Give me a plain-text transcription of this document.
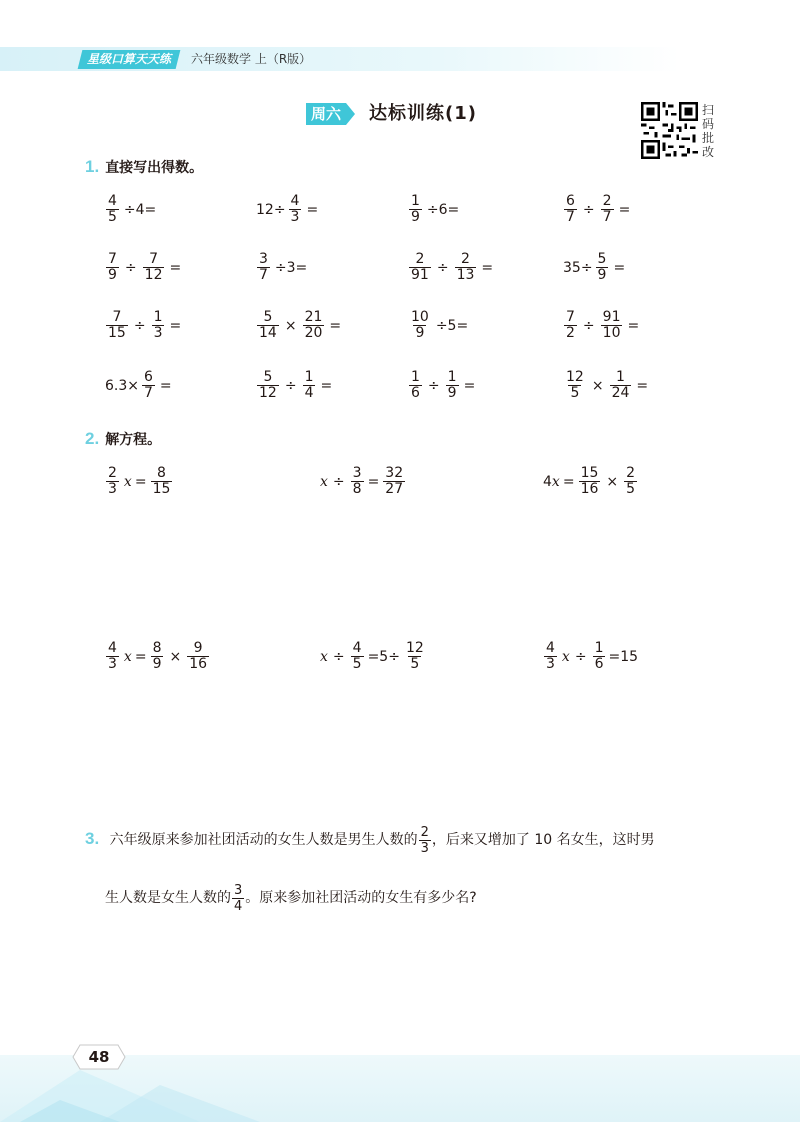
星级口算天天练	六年级数学 上（R版）
周六 达标训练(1)	扫码批改
1. 直接写出得数。
$\frac{4}{5} \div 4=$	$12\div \frac{4}{3}$ =	$\frac{1}{9} \div 6=$	$\frac{6}{7} \div \frac{2}{7}$ =
$\frac{7}{9} \div \frac{7}{12}$ =	$\frac{3}{7} \div 3=$	$\frac{2}{91} \div \frac{2}{13}$ =	$35\div \frac{5}{9}$ =
$\frac{7}{15} \div \frac{1}{3}$ =	$\frac{5}{14} \times \frac{21}{20}$ =	$\frac{10}{9} \div 5=$	$\frac{7}{2} \div \frac{91}{10}$ =
$6.3\times \frac{6}{7}$ =	$\frac{5}{12} \div \frac{1}{4}$ =	$\frac{1}{6} \div \frac{1}{9}$ =	$\frac{12}{5} \times \frac{1}{24}$ =
2. 解方程。
$\frac{2}{3}$ $x = \frac{8}{15}$	$x \div \frac{3}{8} = \frac{32}{27}$	4 $x = \frac{15}{16} \times \frac{2}{5}$
$\frac{4}{3}$ $x = \frac{8}{9} \times \frac{9}{16}$	$x \div \frac{4}{5} =5\div \frac{12}{5}$	$\frac{4}{3}$ $x \div \frac{1}{6} =15$
3. 六年级原来参加社团活动的女生人数是男生人数的 $\frac{2}{3}$ ，后来又增加了 10 名女生，这时男
生人数是女生人数的 $\frac{3}{4}$ 。原来参加社团活动的女生有多少名?
48
